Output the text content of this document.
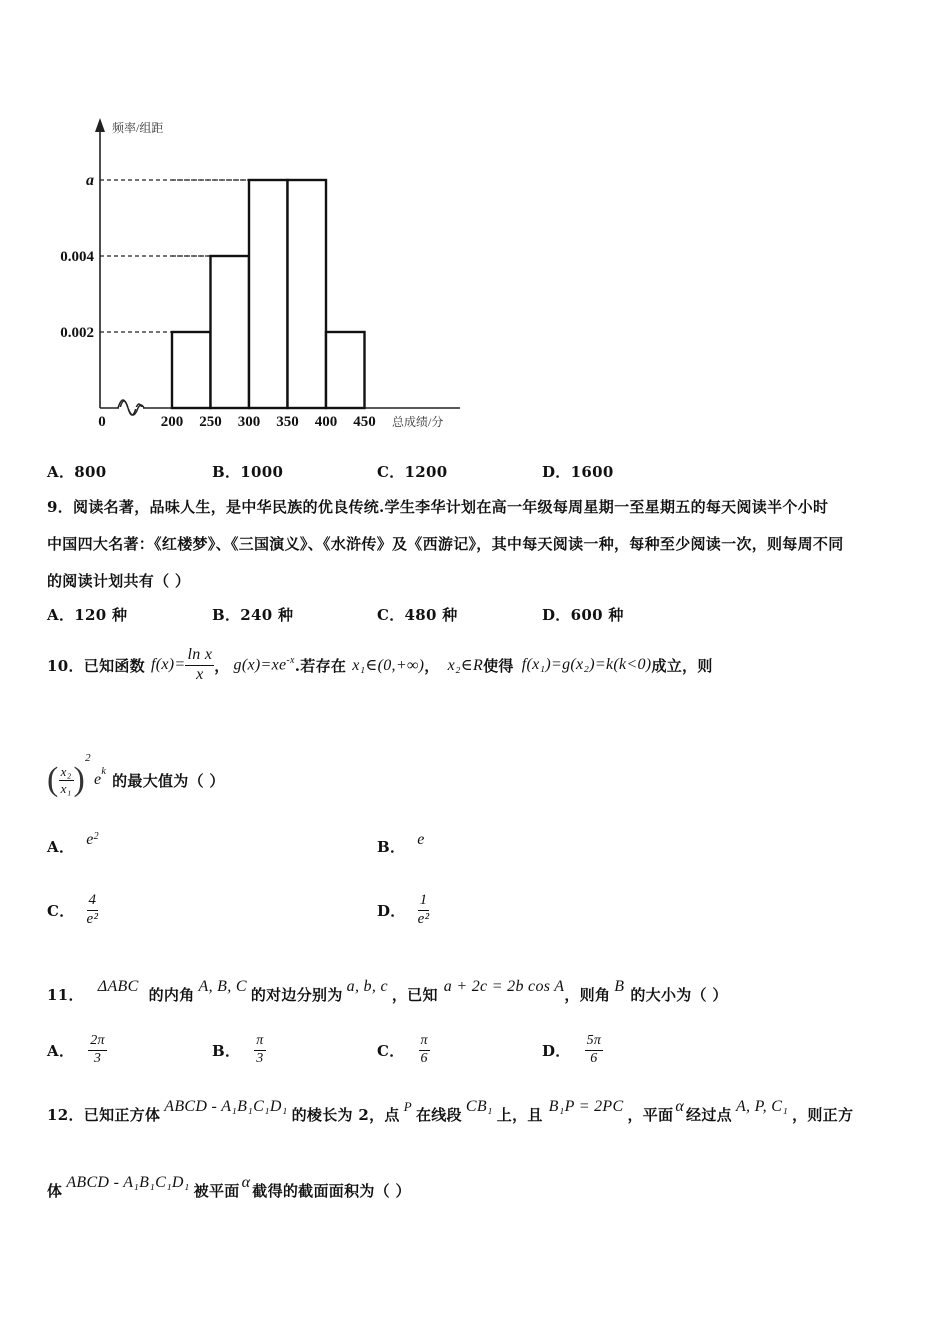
0.002
0.004
a
0	200 250 300 350 400 450
频率/组距
总成绩/分
A．800	B．1000	C．1200	D．1600
9．阅读名著，品味人生，是中华民族的优良传统.学生李华计划在高一年级每周星期一至星期五的每天阅读半个小时
中国四大名著：《红楼梦》、《三国演义》、《水浒传》及《西游记》，其中每天阅读一种，每种至少阅读一次，则每周不同
的阅读计划共有（ ）
A．120 种	B．240 种	C．480 种	D．600 种
10．已知函数 $f(x)= \frac{\text{ln x}}{x}$ ， $g(x)=xe^{-x}$ .若存在 x₁∈(0,+∞) ， x₂∈R 使得 f(x₁)=g(x₂)=k(k<0) 成立，则
( $\frac{\text{x₂}}{\text{x₁}}$ )
$^2$
$e^k$ 的最大值为（ ）
A． $e^2$
B． e
C． $\frac{4}{\text{e²}}$	D． $\frac{1}{\text{e²}}$
11． ΔABC 的内角 A, B, C 的对边分别为 a, b, c ，已知 a + 2c = 2b cos A ，则角 B 的大小为（ ）
A． $\frac{2\pi}{3}$	B． $\frac{\pi}{3}$	C． $\frac{\pi}{6}$	D． $\frac{5\pi}{6}$
12．已知正方体 ABCD - A₁B₁C₁D₁ 的棱长为 2，点 P 在线段 CB₁ 上，且 B₁P = 2PC ，平面 α 经过点 A, P, C₁ ，则正方
体 ABCD - A₁B₁C₁D₁ 被平面 α 截得的截面面积为（ ）
